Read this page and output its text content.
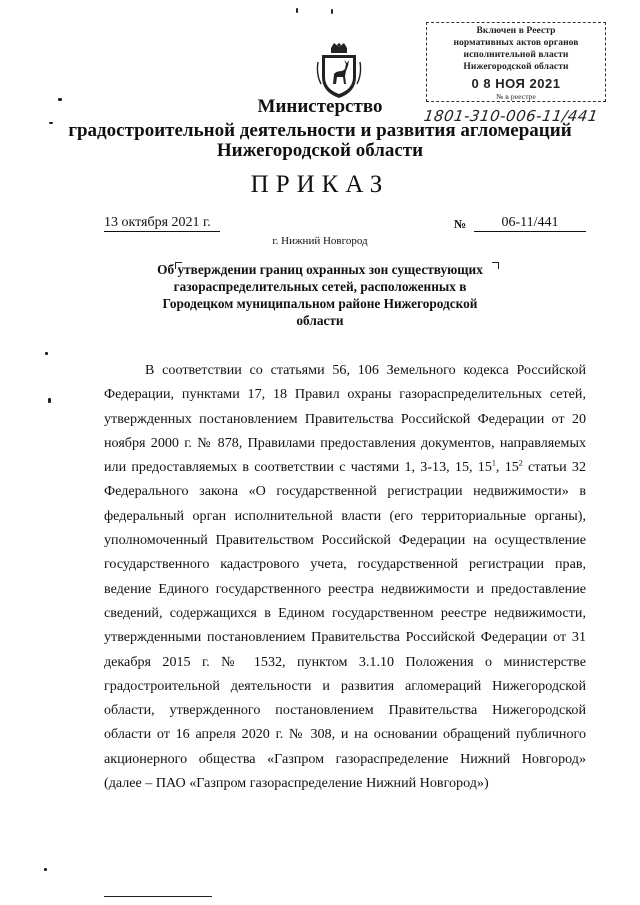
Включен в Реестр
нормативных актов органов
исполнительной власти
Нижегородской области
0 8 НОЯ 2021
№ в реестре
1801-310-006-11/441
Министерство
градостроительной деятельности и развития агломераций
Нижегородской области
ПРИКАЗ
13 октября 2021 г.	№	06-11/441
г. Нижний Новгород
Об утверждении границ охранных зон существующих газораспределительных сетей, расположенных в Городецком муниципальном районе Нижегородской области

В соответствии со статьями 56, 106 Земельного кодекса Российской Федерации, пунктами 17, 18 Правил охраны газораспределительных сетей, утвержденных постановлением Правительства Российской Федерации от 20 ноября 2000 г. № 878, Правилами предоставления документов, направляемых или предоставляемых в соответствии с частями 1, 3-13, 15, $15^1$, $15^2$ статьи 32 Федерального закона «О государственной регистрации недвижимости» в федеральный орган исполнительной власти (его территориальные органы), уполномоченный Правительством Российской Федерации на осуществление государственного кадастрового учета, государственной регистрации прав, ведение Единого государственного реестра недвижимости и предоставление сведений, содержащихся в Едином государственном реестре недвижимости, утвержденными постановлением Правительства Российской Федерации от 31 декабря 2015 г. № 1532, пунктом 3.1.10 Положения о министерстве градостроительной деятельности и развития агломераций Нижегородской области, утвержденного постановлением Правительства Нижегородской области от 16 апреля 2020 г. № 308, и на основании обращений публичного акционерного общества «Газпром газораспределение Нижний Новгород» (далее – ПАО «Газпром газораспределение Нижний Новгород»)
